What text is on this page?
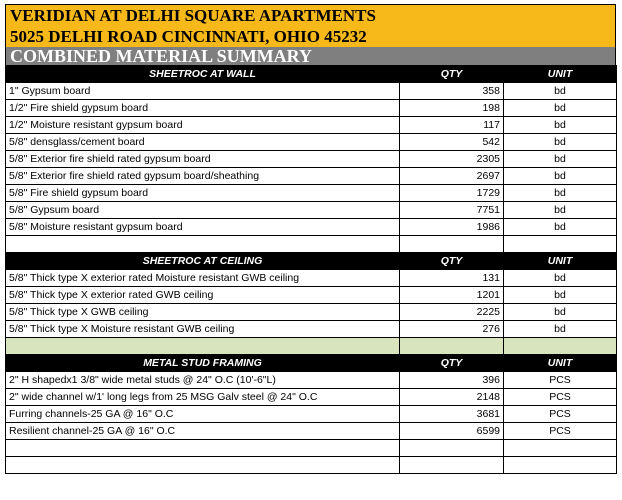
VERIDIAN AT DELHI SQUARE APARTMENTS
5025 DELHI ROAD CINCINNATI, OHIO 45232
COMBINED MATERIAL SUMMARY
SHEETROC AT WALL	QTY	UNIT
1" Gypsum board	358	bd
1/2" Fire shield gypsum board	198	bd
1/2" Moisture resistant gypsum board	117	bd
5/8" densglass/cement board	542	bd
5/8" Exterior fire shield rated gypsum board	2305	bd
5/8" Exterior fire shield rated gypsum board/sheathing	2697	bd
5/8" Fire shield gypsum board	1729	bd
5/8" Gypsum board	7751	bd
5/8" Moisture resistant gypsum board	1986	bd

SHEETROC AT CEILING	QTY	UNIT
5/8" Thick type X exterior rated Moisture resistant GWB ceiling	131	bd
5/8" Thick type X exterior rated GWB ceiling	1201	bd
5/8" Thick type X GWB ceiling	2225	bd
5/8" Thick type X Moisture resistant GWB ceiling	276	bd

METAL STUD FRAMING	QTY	UNIT
2" H shapedx1 3/8" wide metal studs @ 24" O.C (10'-6"L)	396	PCS
2" wide channel w/1' long legs from 25 MSG Galv steel @ 24" O.C	2148	PCS
Furring channels-25 GA @ 16" O.C	3681	PCS
Resilient channel-25 GA @ 16" O.C	6599	PCS
